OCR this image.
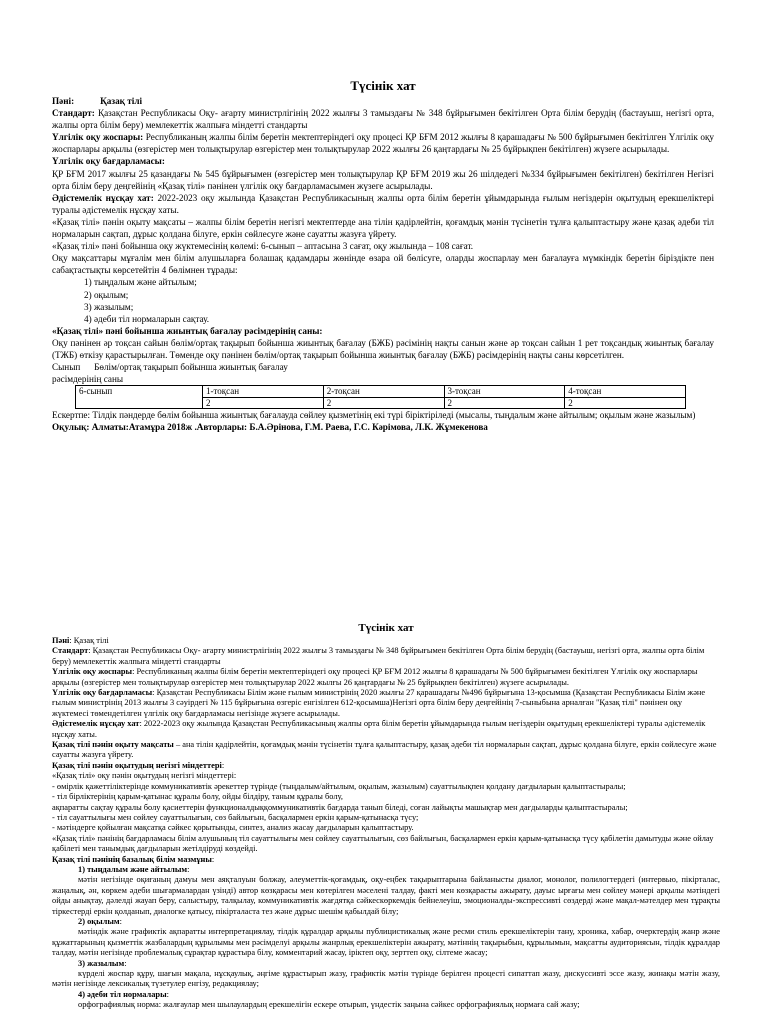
Түсінік хат

Пәні:	Қазақ тілі

Стандарт: Қазақстан Республикасы Оқу- ағарту министрлігінің 2022 жылғы 3 тамыздағы № 348 бұйрығымен бекітілген Орта білім берудің (бастауыш, негізгі орта, жалпы орта білім беру) мемлекеттік жалпыға міндетті стандарты

Үлгілік оқу жоспары: Республиканың жалпы білім беретін мектептеріндегі оқу процесі ҚР БҒМ 2012 жылғы 8 қарашадағы № 500 бұйрығымен бекітілген Үлгілік оқу жоспарлары арқылы (өзгерістер мен толықтырулар өзгерістер мен толықтырулар 2022 жылғы 26 қаңтардағы № 25 бұйрықпен бекітілген) жүзеге асырылады.

Үлгілік оқу бағдарламасы:

ҚР БҒМ 2017 жылғы 25 қазандағы № 545 бұйрығымен (өзгерістер мен толықтырулар ҚР БҒМ 2019 жы 26 шілдедегі №334 бұйрығымен бекітілген) бекітілген Негізгі орта білім беру деңгейінің «Қазақ тілі» пәнінен үлгілік оқу бағдарламасымен жүзеге асырылады.

Әдістемелік нұсқау хат: 2022-2023 оқу жылында Қазақстан Республикасының жалпы орта білім беретін ұйымдарында ғылым негіздерін оқытудың ерекшеліктері туралы әдістемелік нұсқау хаты.

«Қазақ тілі» пәнін оқыту мақсаты – жалпы білім беретін негізгі мектептерде ана тілін қадірлейтін, қоғамдық мәнін түсінетін тұлға қалыптастыру және қазақ әдеби тіл нормаларын сақтап, дұрыс қолдана білуге, еркін сөйлесуге және сауатты жазуға үйрету.

«Қазақ тілі» пәні бойынша оқу жүктемесінің көлемі: 6-сынып – аптасына 3 сағат, оқу жылында – 108 сағат.

Оқу мақсаттары мұғалім мен білім алушыларға болашақ қадамдары жөнінде өзара ой бөлісуге, оларды жоспарлау мен бағалауға мүмкіндік беретін біріздікте пен сабақтастықты көрсетейтін 4 бөлімнен тұрады:

1) тыңдалым және айтылым;
2) оқылым;
3) жазылым;
4) әдеби тіл нормаларын сақтау.

«Қазақ тілі» пәні бойынша жиынтық бағалау рәсімдерінің саны:

Оқу пәнінен әр тоқсан сайын бөлім/ортақ тақырып бойынша жиынтық бағалау (БЖБ) рәсімінің нақты санын және әр тоқсан сайын 1 рет тоқсандық жиынтық бағалау (ТЖБ) өткізу қарастырылған. Төменде оқу пәнінен бөлім/ортақ тақырып бойынша жиынтық бағалау (БЖБ) рәсімдерінің нақты саны көрсетілген.

Сынып      Бөлім/ортақ тақырып бойынша жиынтық бағалау

рәсімдерінің саны

6-сынып	1-тоқсан	2-тоқсан	3-тоқсан	4-тоқсан
	2	2	2	2

Ескертпе: Тілдік пәндерде бөлім бойынша жиынтық бағалауда сөйлеу қызметінің екі түрі біріктіріледі (мысалы, тыңдалым және айтылым; оқылым және жазылым)

Оқулық: Алматы:Атамұра 2018ж .Авторлары: Б.А.Әрінова, Г.М. Раева, Г.С. Кәрімова, Л.К. Жұмекенова

Түсінік хат

Пәні: Қазақ тілі

Стандарт: Қазақстан Республикасы Оқу- ағарту министрлігінің 2022 жылғы 3 тамыздағы № 348 бұйрығымен бекітілген Орта білім берудің (бастауыш, негізгі орта, жалпы орта білім беру) мемлекеттік жалпыға міндетті стандарты

Үлгілік оқу жоспары: Республиканың жалпы білім беретін мектептеріндегі оқу процесі ҚР БҒМ 2012 жылғы 8 қарашадағы № 500 бұйрығымен бекітілген Үлгілік оқу жоспарлары арқылы (өзгерістер мен толықтырулар өзгерістер мен толықтырулар 2022 жылғы 26 қаңтардағы № 25 бұйрықпен бекітілген) жүзеге асырылады.

Үлгілік оқу бағдарламасы: Қазақстан Республикасы Білім және ғылым министрінің 2020 жылғы 27 қарашадағы №496 бұйрығына 13-қосымша (Қазақстан Республикасы Білім және ғылым министрінің 2013 жылғы 3 сәуірдегі № 115 бұйрығына өзгеріс енгізілген 612-қосымша)Негізгі орта білім беру деңгейінің 7-сыныбына арналған "Қазақ тілі" пәнінен оқу жүктемесі төмендетілген үлгілік оқу бағдарламасы негізінде жүзеге асырылады.

Әдістемелік нұсқау хат: 2022-2023 оқу жылында Қазақстан Республикасының жалпы орта білім беретін ұйымдарында ғылым негіздерін оқытудың ерекшеліктері туралы әдістемелік нұсқау хаты.

Қазақ тілі пәнін оқыту мақсаты – ана тілін қадірлейтін, қоғамдық мәнін түсінетін тұлға қалыптастыру, қазақ әдеби тіл нормаларын сақтап, дұрыс қолдана білуге, еркін сөйлесуге және сауатты жазуға үйрету.

Қазақ тілі пәнін оқытудың негізгі міндеттері:

«Қазақ тілі» оқу пәнін оқытудың негізгі міндеттері:

- өмірлік қажеттіліктерінде коммуникативтік әрекеттер түрінде (тыңдалым/айтылым, оқылым, жазылым) сауаттылықпен қолдану дағдыларын қалыптастыралы;

- тіл бірліктерінің қарым-қатынас құралы болу, ойды білдіру, таным құралы болу,

ақпаратты сақтау құралы болу қасиеттерін функционалдыққоммуникативтік бағдарда танып біледі, соған лайықты машықтар мен дағдыларды қалыптастыралы;

- тіл сауаттылығы мен сөйлеу сауаттылығын, сөз байлығын, басқалармен еркін қарым-қатынасқа түсу;

- мәтіндерге қойылған мақсатқа сәйкес қорытынды, синтез, анализ жасау дағдыларын қалыптастыру.

«Қазақ тілі» пәнінің бағдарламасы білім алушының тіл сауаттылығы мен сөйлеу сауаттылығын, сөз байлығын, басқалармен еркін қарым-қатынасқа түсу қабілетін дамытуды және ойлау қабілеті мен танымдық дағдыларын жетілдіруді көздейді.

Қазақ тілі пәнінің базалық білім мазмұны:

1) тыңдалым және айтылым:

мәтін негізінде оқиғаның дамуы мен аяқталуын болжау, әлеуметтік-қоғамдық, оқу-еңбек тақырыптарына байланысты диалог, монолог, полилогтердегі (интервью, пікірталас, жаңалық, ән, көркем әдеби шығармалардан үзінді) автор көзқарасы мен көтерілген мәселені талдау, факті мен көзқарасты ажырату, дауыс ырғағы мен сөйлеу мәнері арқылы мәтіндегі ойды анықтау, дәлелді жауап беру, салыстыру, талқылау, коммуникативтік жағдятқа сәйкескөркемдік бейнелеуіш, эмоционалды-экспрессивті сөздерді және мақал-мәтелдер мен тұрақты тіркестерді еркін қолданып, диалогке қатысу, пікірталаста тез және дұрыс шешім қабылдай білу;

2) оқылым:

мәтіндік және графиктік ақпаратты интерпретациялау, тілдік құралдар арқылы публицистикалық және ресми стиль ерекшеліктерін тану, хроника, хабар, очерктердің жанр және құжаттарының қызметтік жазбалардың құрылымы мен рәсімделуі арқылы жанрлық ерекшеліктерін ажырату, мәтіннің тақырыбын, құрылымын, мақсатты аудиториясын, тілдік құралдар талдау, мәтін негізінде проблемалық сұрақтар құрастыра білу, комментарий жасау, іріктеп оқу, зерттеп оқу, сілтеме жасау;

3) жазылым:

күрделі жоспар құру, шағын мақала, нұсқаулық, әңгіме құрастырып жазу, графиктік мәтін түрінде берілген процесті сипаттап жазу, дискуссивті эссе жазу, жинақы мәтін жазу, мәтін негізінде лексикалық түзетулер енгізу, редакциялау;

4) әдеби тіл нормалары:

орфографиялық норма: жалғаулар мен шылаулардың ерекшелігін ескере отырып, үндестік заңына сәйкес орфографиялық нормаға сай жазу;
